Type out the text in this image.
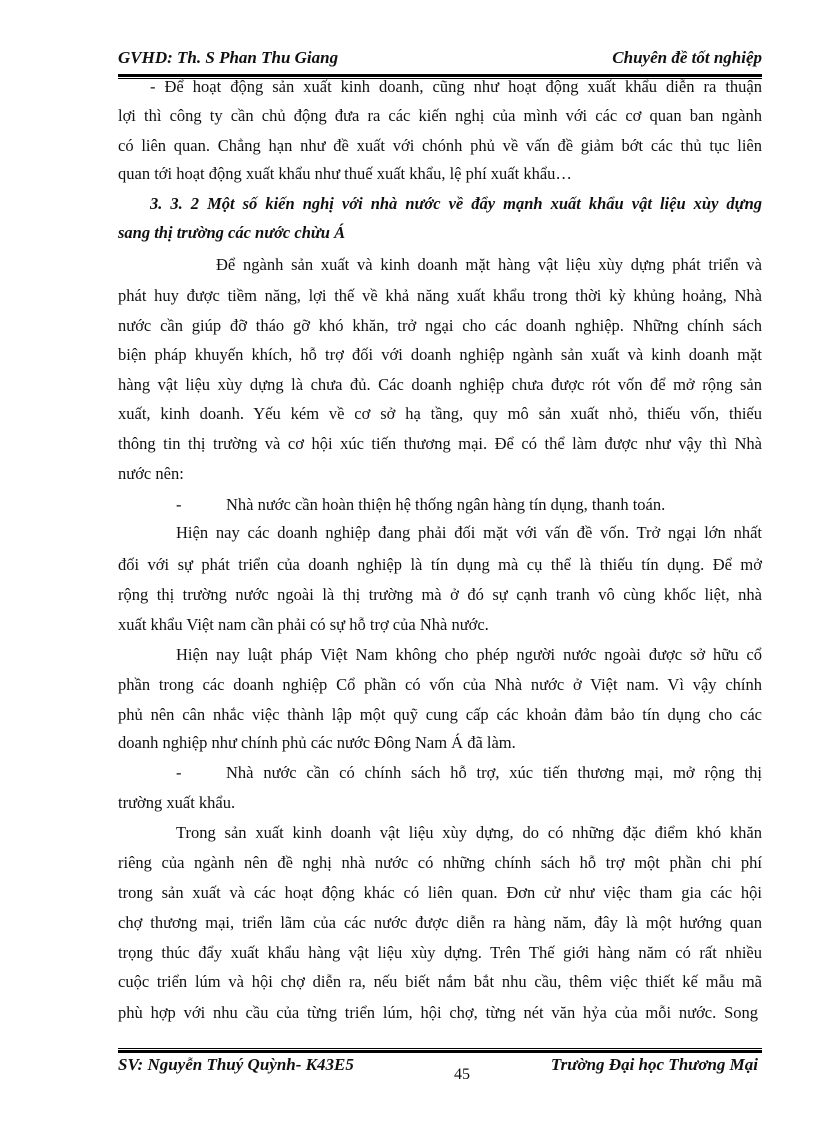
GVHD: Th. S Phan Thu Giang	Chuyên đề tốt nghiệp
- Để hoạt động sản xuất kinh doanh, cũng như hoạt động xuất khẩu diễn ra thuận
lợi thì công ty cần chủ động đưa ra các kiến nghị của mình với các cơ quan ban ngành
có liên quan. Chẳng hạn như đề xuất với chónh phủ về vấn đề giảm bớt các thủ tục liên
quan tới hoạt động xuất khẩu như thuế xuất khẩu, lệ phí xuất khẩu…
3. 3. 2 Một số kiến nghị với nhà nước về đẩy mạnh xuất khẩu vật liệu xùy dựng
sang thị trường các nước chừu Á
Để ngành sản xuất và kinh doanh mặt hàng vật liệu xùy dựng phát triển và
phát huy được tiềm năng, lợi thế về khả năng xuất khẩu trong thời kỳ khủng hoảng, Nhà
nước cần giúp đỡ tháo gỡ khó khăn, trở ngại cho các doanh nghiệp. Những chính sách
biện pháp khuyến khích, hỗ trợ đối với doanh nghiệp ngành sản xuất và kinh doanh mặt
hàng vật liệu xùy dựng là chưa đủ. Các doanh nghiệp chưa được rót vốn để mở rộng sản
xuất, kinh doanh. Yếu kém về cơ sở hạ tầng, quy mô sản xuất nhỏ, thiếu vốn, thiếu
thông tin thị trường và cơ hội xúc tiến thương mại. Để có thể làm được như vậy thì Nhà
nước nên:
-	Nhà nước cần hoàn thiện hệ thống ngân hàng tín dụng, thanh toán.
Hiện nay các doanh nghiệp đang phải đối mặt với vấn đề vốn. Trở ngại lớn nhất
đối với sự phát triển của doanh nghiệp là tín dụng mà cụ thể là thiếu tín dụng. Để mở
rộng thị trường nước ngoài là thị trường mà ở đó sự cạnh tranh vô cùng khốc liệt, nhà
xuất khẩu Việt nam cần phải có sự hỗ trợ của Nhà nước.
Hiện nay luật pháp Việt Nam không cho phép người nước ngoài được sở hữu cổ
phần trong các doanh nghiệp Cổ phần có vốn của Nhà nước ở Việt nam. Vì vậy chính
phủ nên cân nhắc việc thành lập một quỹ cung cấp các khoản đảm bảo tín dụng cho các
doanh nghiệp như chính phủ các nước Đông Nam Á đã làm.
-	Nhà nước cần có chính sách hỗ trợ, xúc tiến thương mại, mở rộng thị
trường xuất khẩu.
Trong sản xuất kinh doanh vật liệu xùy dựng, do có những đặc điểm khó khăn
riêng của ngành nên đề nghị nhà nước có những chính sách hỗ trợ một phần chi phí
trong sản xuất và các hoạt động khác có liên quan. Đơn cử như việc tham gia các hội
chợ thương mại, triển lãm của các nước được diễn ra hàng năm, đây là một hướng quan
trọng thúc đẩy xuất khẩu hàng vật liệu xùy dựng. Trên Thế giới hàng năm có rất nhiều
cuộc triển lúm và hội chợ diễn ra, nếu biết nắm bắt nhu cầu, thêm việc thiết kế mẫu mã
phù hợp với nhu cầu của từng triển lúm, hội chợ, từng nét văn hỷa của mỗi nước. Song
SV: Nguyễn Thuý Quỳnh- K43E5	Trường Đại học Thương Mại
45
